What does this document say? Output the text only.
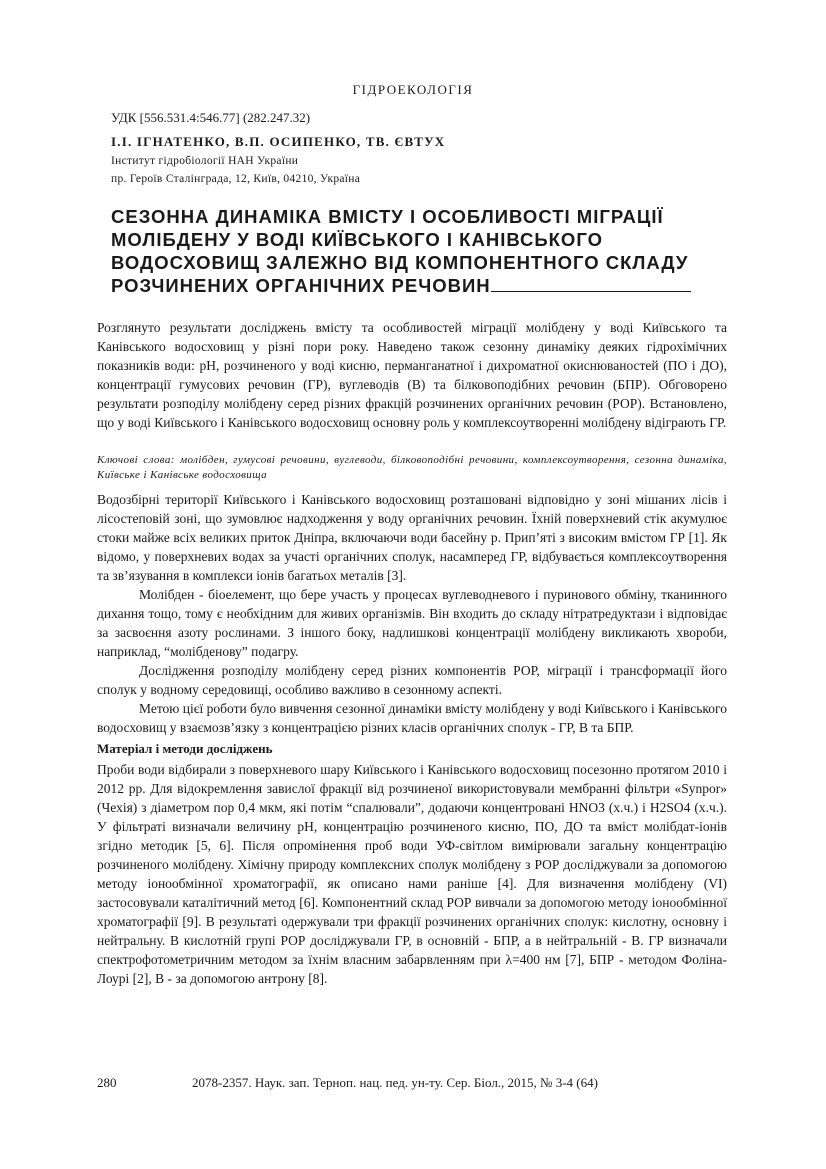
ГІДРОЕКОЛОГІЯ
УДК [556.531.4:546.77] (282.247.32)
І.І. ІГНАТЕНКО, В.П. ОСИПЕНКО, ТВ. ЄВТУХ
Інститут гідробіології НАН України
пр. Героїв Сталінграда, 12, Київ, 04210, Україна
СЕЗОННА ДИНАМІКА ВМІСТУ І ОСОБЛИВОСТІ МІГРАЦІЇ
МОЛІБДЕНУ У ВОДІ КИЇВСЬКОГО І КАНІВСЬКОГО
ВОДОСХОВИЩ ЗАЛЕЖНО ВІД КОМПОНЕНТНОГО СКЛАДУ
РОЗЧИНЕНИХ ОРГАНІЧНИХ РЕЧОВИН

Розглянуто результати досліджень вмісту та особливостей міграції молібдену у воді Київського та Канівського водосховищ у різні пори року. Наведено також сезонну динаміку деяких гідрохімічних показників води: рН, розчиненого у воді кисню, перманганатної і дихроматної окиснюваностей (ПО і ДО), концентрації гумусових речовин (ГР), вуглеводів (В) та білковоподібних речовин (БПР). Обговорено результати розподілу молібдену серед різних фракцій розчинених органічних речовин (РОР). Встановлено, що у воді Київського і Канівського водосховищ основну роль у комплексоутворенні молібдену відіграють ГР.

Ключові слова: молібден, гумусові речовини, вуглеводи, білковоподібні речовини, комплексоутворення, сезонна динаміка, Київське і Канівське водосховища

Водозбірні території Київського і Канівського водосховищ розташовані відповідно у зоні мішаних лісів і лісостеповій зоні, що зумовлює надходження у воду органічних речовин. Їхній поверхневий стік акумулює стоки майже всіх великих приток Дніпра, включаючи води басейну р. Прип’яті з високим вмістом ГР [1]. Як відомо, у поверхневих водах за участі органічних сполук, насамперед ГР, відбувається комплексоутворення та зв’язування в комплекси іонів багатьох металів [3].

Молібден - біоелемент, що бере участь у процесах вуглеводневого і пуринового обміну, тканинного дихання тощо, тому є необхідним для живих організмів. Він входить до складу нітратредуктази і відповідає за засвоєння азоту рослинами. З іншого боку, надлишкові концентрації молібдену викликають хвороби, наприклад, “молібденову” подагру.

Дослідження розподілу молібдену серед різних компонентів РОР, міграції і трансформації його сполук у водному середовищі, особливо важливо в сезонному аспекті.

Метою цієї роботи було вивчення сезонної динаміки вмісту молібдену у воді Київського і Канівського водосховищ у взаємозв’язку з концентрацією різних класів органічних сполук - ГР, В та БПР.

Матеріал і методи досліджень

Проби води відбирали з поверхневого шару Київського і Канівського водосховищ посезонно протягом 2010 і 2012 рр. Для відокремлення завислої фракції від розчиненої використовували мембранні фільтри «Synpor» (Чехія) з діаметром пор 0,4 мкм, які потім “спалювали”, додаючи концентровані HNO3 (х.ч.) і H2SO4 (х.ч.). У фільтраті визначали величину рН, концентрацію розчиненого кисню, ПО, ДО та вміст молібдат-іонів згідно методик [5, 6]. Після опромінення проб води УФ-світлом вимірювали загальну концентрацію розчиненого молібдену. Хімічну природу комплексних сполук молібдену з РОР досліджували за допомогою методу іонообмінної хроматографії, як описано нами раніше [4]. Для визначення молібдену (VI) застосовували каталітичний метод [6]. Компонентний склад РОР вивчали за допомогою методу іонообмінної хроматографії [9]. В результаті одержували три фракції розчинених органічних сполук: кислотну, основну і нейтральну. В кислотній групі РОР досліджували ГР, в основній - БПР, а в нейтральній - В. ГР визначали спектрофотометричним методом за їхнім власним забарвленням при λ=400 нм [7], БПР - методом Фоліна-Лоурі [2], В - за допомогою антрону [8].

280	2078-2357. Наук. зап. Терноп. нац. пед. ун-ту. Сер. Біол., 2015, № 3-4 (64)
